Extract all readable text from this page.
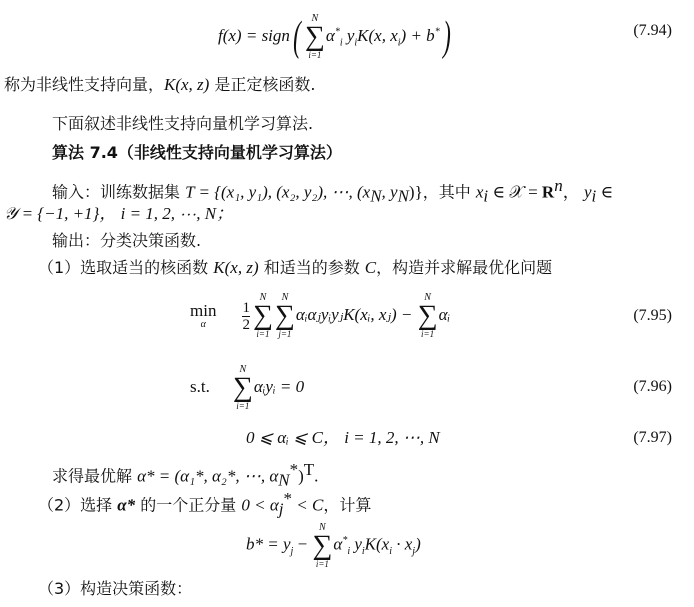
f(x) = sign(	N
∑
i=1
$\alpha^*_i$ $y_iK(x$, $x_i) + b^*$)	(7.94)
称为非线性支持向量，K(x, z) 是正定核函数.
下面叙述非线性支持向量机学习算法.
算法 7.4（非线性支持向量机学习算法）
输入：训练数据集 T = {(x₁, y₁), (x₂, y₂), ⋯, ($x_N$, $y_N$)}，其中 $x_i$ ∈ 𝒳 = $R^n$， $y_i$ ∈
𝒴 = {−1, +1}， i = 1, 2, ⋯, N；
输出：分类决策函数.
（1）选取适当的核函数 K(x, z) 和适当的参数 C，构造并求解最优化问题
min
α	$\frac{1}{2}$
N
∑
i=1
N
∑
j=1
αᵢαⱼyᵢyⱼK(xᵢ, xⱼ) −
N
∑
i=1
αᵢ	(7.95)
s.t.
N
∑
i=1
αᵢyᵢ = 0	(7.96)
0 ⩽ αᵢ ⩽ C， i = 1, 2, ⋯, N	(7.97)
求得最优解 α* = (α₁*, α₂*, ⋯, $\alpha_N^*)^T$.
（2）选择 α* 的一个正分量 $0 < \alpha_j^* < C$，计算
$b* = y_j$ −
N
∑
i=1
$\alpha^*_i$ $y_iK(x_i \cdot x_j)$
（3）构造决策函数：
